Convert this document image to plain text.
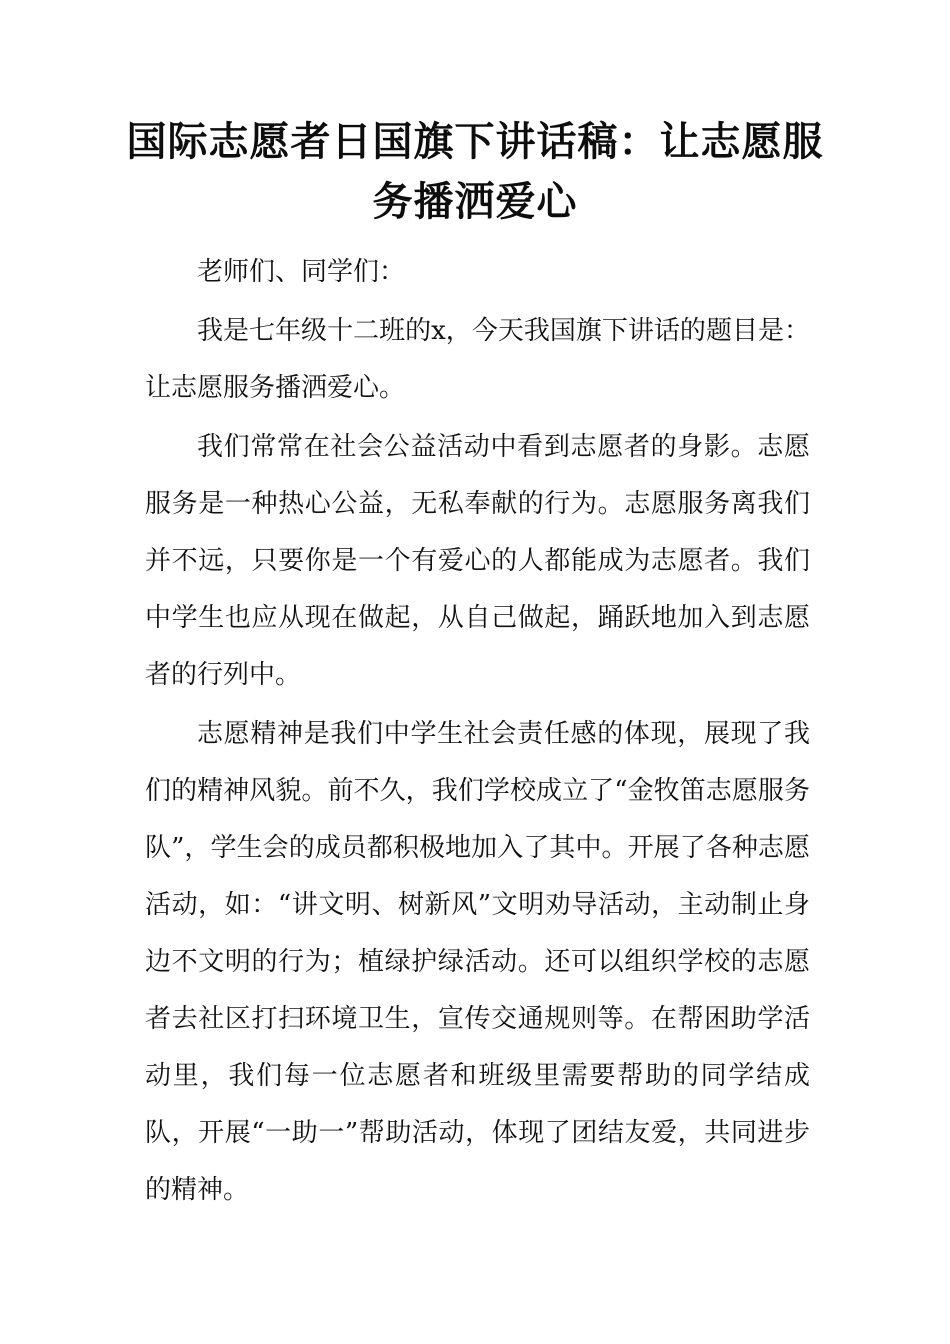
国际志愿者日国旗下讲话稿：让志愿服务播洒爱心

老师们、同学们：

我是七年级十二班的x，今天我国旗下讲话的题目是：让志愿服务播洒爱心。

我们常常在社会公益活动中看到志愿者的身影。志愿服务是一种热心公益，无私奉献的行为。志愿服务离我们并不远，只要你是一个有爱心的人都能成为志愿者。我们中学生也应从现在做起，从自己做起，踊跃地加入到志愿者的行列中。

志愿精神是我们中学生社会责任感的体现，展现了我们的精神风貌。前不久，我们学校成立了“金牧笛志愿服务队”，学生会的成员都积极地加入了其中。开展了各种志愿活动，如：“讲文明、树新风”文明劝导活动，主动制止身边不文明的行为；植绿护绿活动。还可以组织学校的志愿者去社区打扫环境卫生，宣传交通规则等。在帮困助学活动里，我们每一位志愿者和班级里需要帮助的同学结成队，开展“一助一”帮助活动，体现了团结友爱，共同进步的精神。
